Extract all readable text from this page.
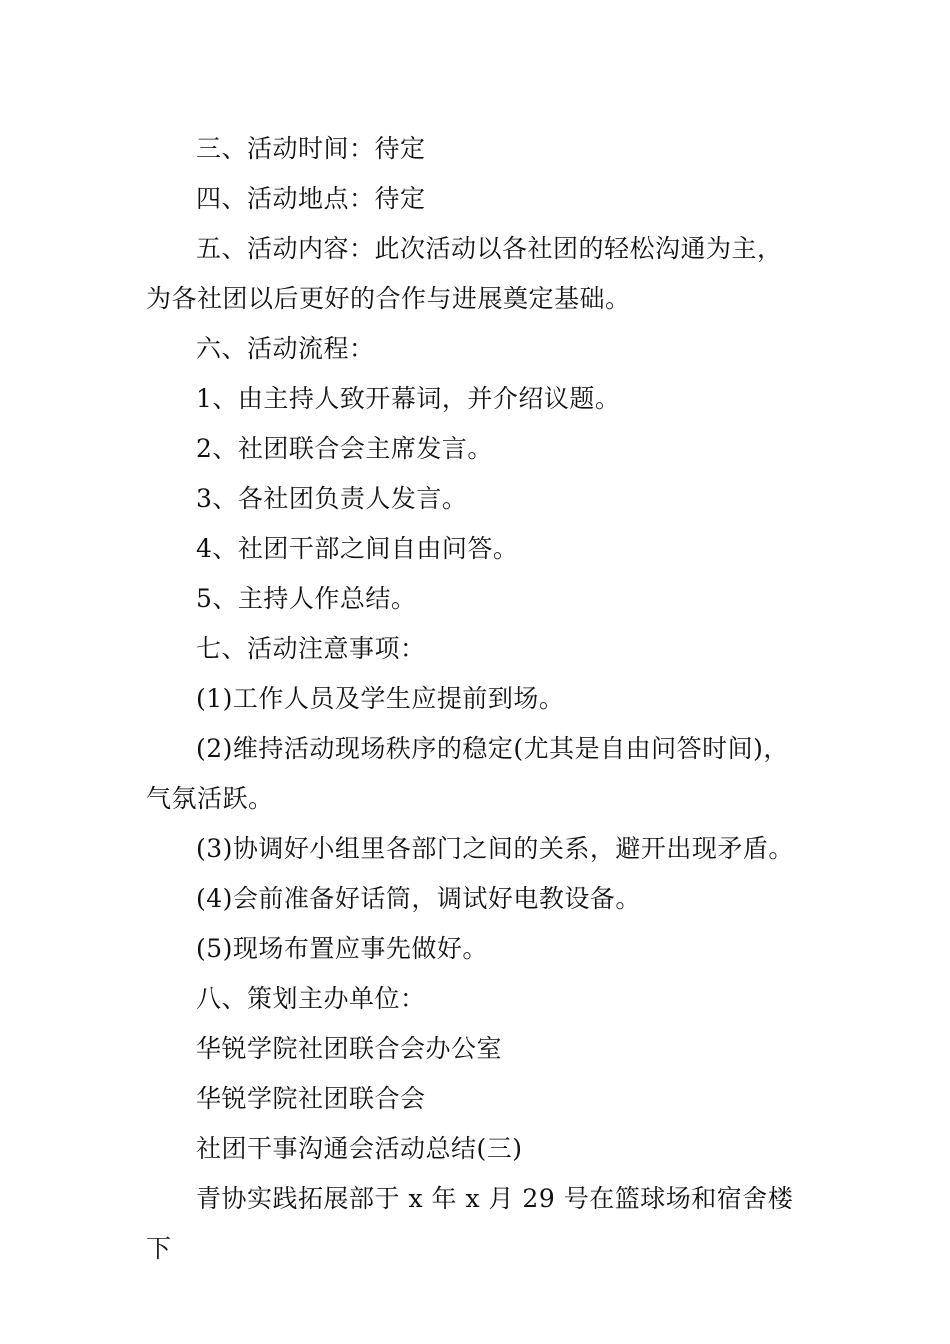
三、活动时间：待定

四、活动地点：待定

五、活动内容：此次活动以各社团的轻松沟通为主，为各社团以后更好的合作与进展奠定基础。

六、活动流程：

1、由主持人致开幕词，并介绍议题。

2、社团联合会主席发言。

3、各社团负责人发言。

4、社团干部之间自由问答。

5、主持人作总结。

七、活动注意事项：

(1)工作人员及学生应提前到场。

(2)维持活动现场秩序的稳定(尤其是自由问答时间)，气氛活跃。

(3)协调好小组里各部门之间的关系，避开出现矛盾。

(4)会前准备好话筒，调试好电教设备。

(5)现场布置应事先做好。

八、策划主办单位：

华锐学院社团联合会办公室

华锐学院社团联合会

社团干事沟通会活动总结(三)

青协实践拓展部于 x 年 x 月 29 号在篮球场和宿舍楼下
